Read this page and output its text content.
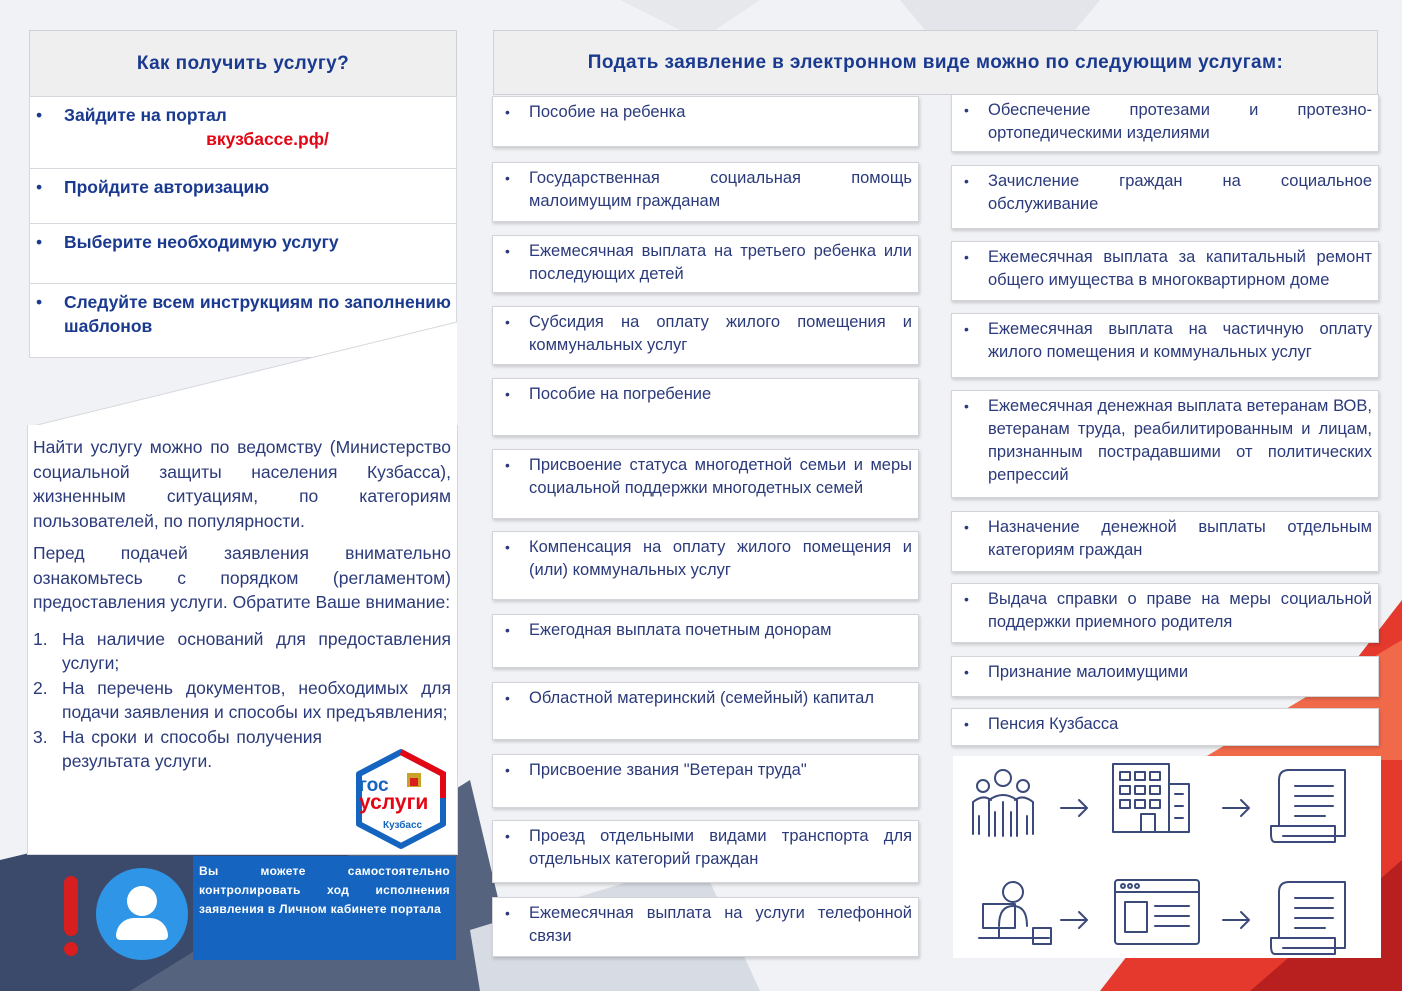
Как получить услугу?
• Зайдите на портал

вкузбассе.рф/
• Пройдите авторизацию
• Выберите необходимую услугу
• Следуйте всем инструкциям по заполнению шаблонов

Найти услугу можно по ведомству (Министерство социальной защиты населения Кузбасса), жизненным ситуациям, по категориям пользователей, по популярности.

Перед подачей заявления внимательно ознакомьтесь с порядком (регламентом) предоставления услуги. Обратите Ваше внимание:

1. На наличие оснований для предоставления услуги;
2. На перечень документов, необходимых для подачи заявления и способы их предъявления;
3. На сроки и способы получения результата услуги.
гос
услуги
Кузбасс
Вы можете самостоятельно контролировать ход исполнения заявления в Личном кабинете портала
Подать заявление в электронном виде можно по следующим услугам:
• Пособие на ребенка
• Государственная социальная помощь малоимущим гражданам
• Ежемесячная выплата на третьего ребенка или последующих детей
• Субсидия на оплату жилого помещения и коммунальных услуг
• Пособие на погребение
• Присвоение статуса многодетной семьи и меры социальной поддержки многодетных семей
• Компенсация на оплату жилого помещения и (или) коммунальных услуг
• Ежегодная выплата почетным донорам
• Областной материнский (семейный) капитал
• Присвоение звания "Ветеран труда"
• Проезд отдельными видами транспорта для отдельных категорий граждан
• Ежемесячная выплата на услуги телефонной связи
• Обеспечение протезами и протезно-ортопедическими изделиями
• Зачисление граждан на социальное обслуживание
• Ежемесячная выплата за капитальный ремонт общего имущества в многоквартирном доме
• Ежемесячная выплата на частичную оплату жилого помещения и коммунальных услуг
• Ежемесячная денежная выплата ветеранам ВОВ, ветеранам труда, реабилитированным и лицам, признанным пострадавшими от политических репрессий
• Назначение денежной выплаты отдельным категориям граждан
• Выдача справки о праве на меры социальной поддержки приемного родителя
• Признание малоимущими
• Пенсия Кузбасса
